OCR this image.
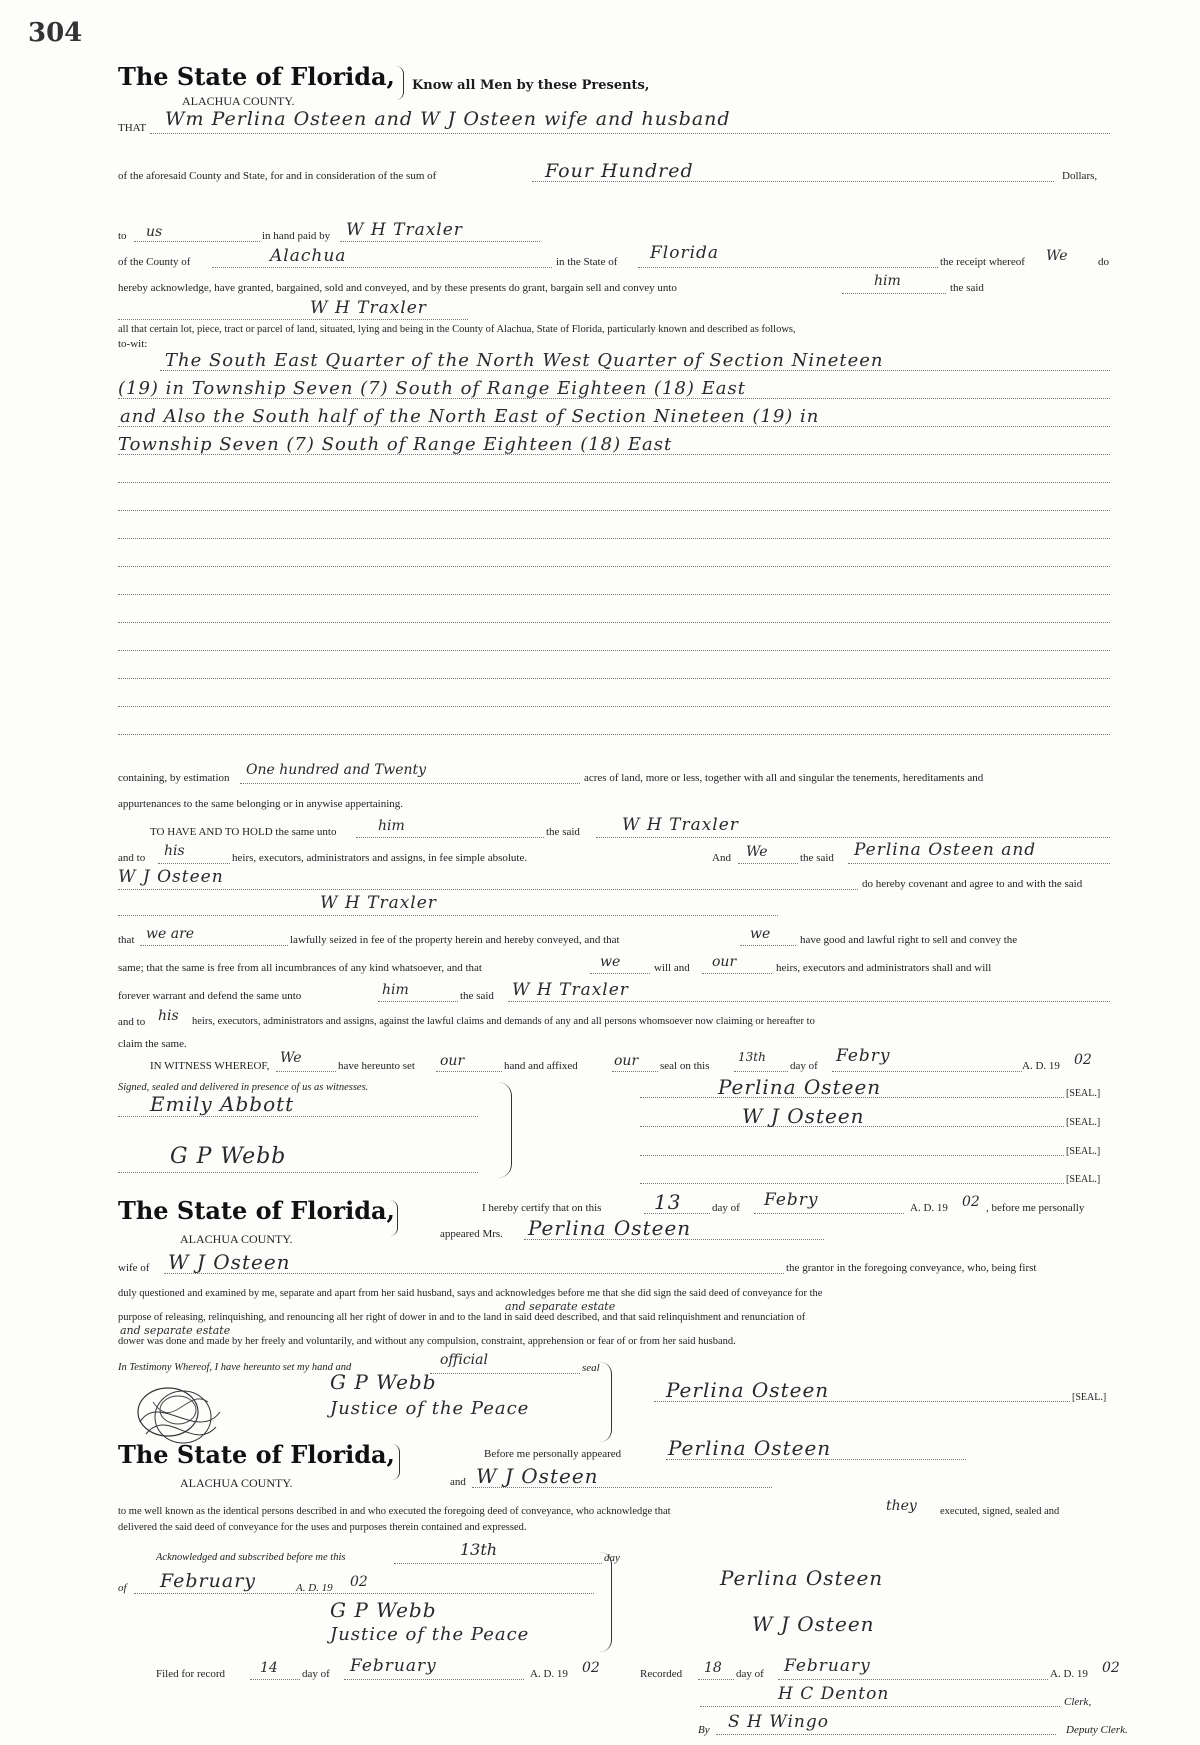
304
The State of Florida,
ALACHUA COUNTY.
Know all Men by these Presents,
THAT Wm Perlina Osteen and W J Osteen wife and husband
of the aforesaid County and State, for and in consideration of the sum of	Four Hundred	Dollars,
to us	in hand paid by W H Traxler
of the County of	Alachua	in the State of Florida	the receipt whereof We	do
hereby acknowledge, have granted, bargained, sold and conveyed, and by these presents do grant, bargain sell and convey unto	him	the said
W H Traxler
all that certain lot, piece, tract or parcel of land, situated, lying and being in the County of Alachua, State of Florida, particularly known and described as follows,
to-wit:
The South East Quarter of the North West Quarter of Section Nineteen
(19) in Township Seven (7) South of Range Eighteen (18) East
and Also the South half of the North East of Section Nineteen (19) in
Township Seven (7) South of Range Eighteen (18) East
containing, by estimation One hundred and Twenty	acres of land, more or less, together with all and singular the tenements, hereditaments and
appurtenances to the same belonging or in anywise appertaining.
TO HAVE AND TO HOLD the same unto	him	the said W H Traxler
and to his	heirs, executors, administrators and assigns, in fee simple absolute.	And We	the said Perlina Osteen and
W J Osteen	do hereby covenant and agree to and with the said
W H Traxler
that we are	lawfully seized in fee of the property herein and hereby conveyed, and that	we	have good and lawful right to sell and convey the
same; that the same is free from all incumbrances of any kind whatsoever, and that	we	will and our	heirs, executors and administrators shall and will
forever warrant and defend the same unto	him	the said W H Traxler
and to his heirs, executors, administrators and assigns, against the lawful claims and demands of any and all persons whomsoever now claiming or hereafter to
claim the same.
IN WITNESS WHEREOF, We	have hereunto set our	hand and affixed	our seal on this
13th
day of Febry	A. D. 19 02
Signed, sealed and delivered in presence of us as witnesses.
Emily Abbott
G P Webb
Perlina Osteen	[SEAL.]
W J Osteen	[SEAL.]
[SEAL.]
[SEAL.]
The State of Florida,
ALACHUA COUNTY.
I hereby certify that on this	13	day of Febry	A. D. 19 02 , before me personally
appeared Mrs. Perlina Osteen
wife of W J Osteen	the grantor in the foregoing conveyance, who, being first
duly questioned and examined by me, separate and apart from her said husband, says and acknowledges before me that she did sign the said deed of conveyance for the
and separate estate
purpose of releasing, relinquishing, and renouncing all her right of dower in and to the land in said deed described, and that said relinquishment and renunciation of
and separate estate
dower was done and made by her freely and voluntarily, and without any compulsion, constraint, apprehension or fear of or from her said husband.
In Testimony Whereof, I have hereunto set my hand and	official	seal
G P Webb
Justice of the Peace
Perlina Osteen	[SEAL.]
The State of Florida,
ALACHUA COUNTY.
Before me personally appeared Perlina Osteen
and W J Osteen
to me well known as the identical persons described in and who executed the foregoing deed of conveyance, who acknowledge that	they executed, signed, sealed and
delivered the said deed of conveyance for the uses and purposes therein contained and expressed.
Acknowledged and subscribed before me this	13th	day
of February	A. D. 19 02
G P Webb
Justice of the Peace
Perlina Osteen
W J Osteen
Filed for record 14 day of February	A. D. 19 02	Recorded 18 day of February	A. D. 19 02
H C Denton	Clerk,
By S H Wingo	Deputy Clerk.
